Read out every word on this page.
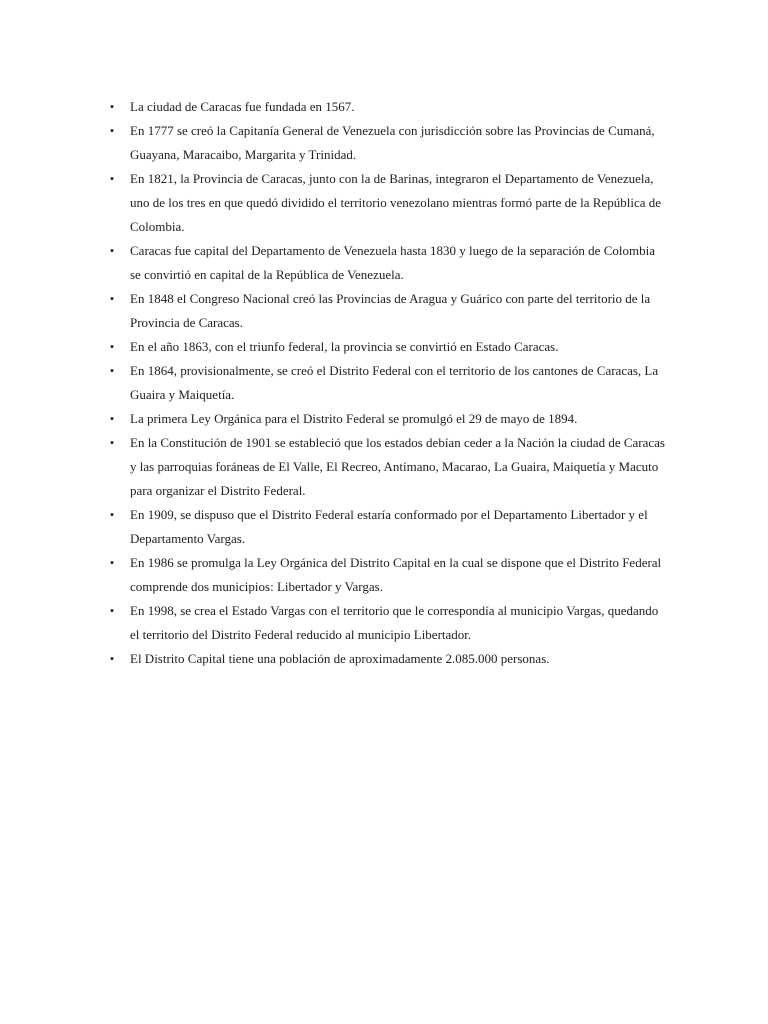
• La ciudad de Caracas fue fundada en 1567.
• En 1777 se creó la Capitanía General de Venezuela con jurisdicción sobre las Provincias de Cumaná, Guayana, Maracaibo, Margarita y Trinidad.
• En 1821, la Provincia de Caracas, junto con la de Barinas, integraron el Departamento de Venezuela, uno de los tres en que quedó dividido el territorio venezolano mientras formó parte de la República de Colombia.
• Caracas fue capital del Departamento de Venezuela hasta 1830 y luego de la separación de Colombia se convirtió en capital de la República de Venezuela.
• En 1848 el Congreso Nacional creó las Provincias de Aragua y Guárico con parte del territorio de la Provincia de Caracas.
• En el año 1863, con el triunfo federal, la provincia se convirtió en Estado Caracas.
• En 1864, provisionalmente, se creó el Distrito Federal con el territorio de los cantones de Caracas, La Guaira y Maiquetía.
• La primera Ley Orgánica para el Distrito Federal se promulgó el 29 de mayo de 1894.
• En la Constitución de 1901 se estableció que los estados debían ceder a la Nación la ciudad de Caracas y las parroquias foráneas de El Valle, El Recreo, Antímano, Macarao, La Guaira, Maiquetía y Macuto para organizar el Distrito Federal.
• En 1909, se dispuso que el Distrito Federal estaría conformado por el Departamento Libertador y el Departamento Vargas.
• En 1986 se promulga la Ley Orgánica del Distrito Capital en la cual se dispone que el Distrito Federal comprende dos municipios: Libertador y Vargas.
• En 1998, se crea el Estado Vargas con el territorio que le correspondía al municipio Vargas, quedando el territorio del Distrito Federal reducido al municipio Libertador.
• El Distrito Capital tiene una población de aproximadamente 2.085.000 personas.
